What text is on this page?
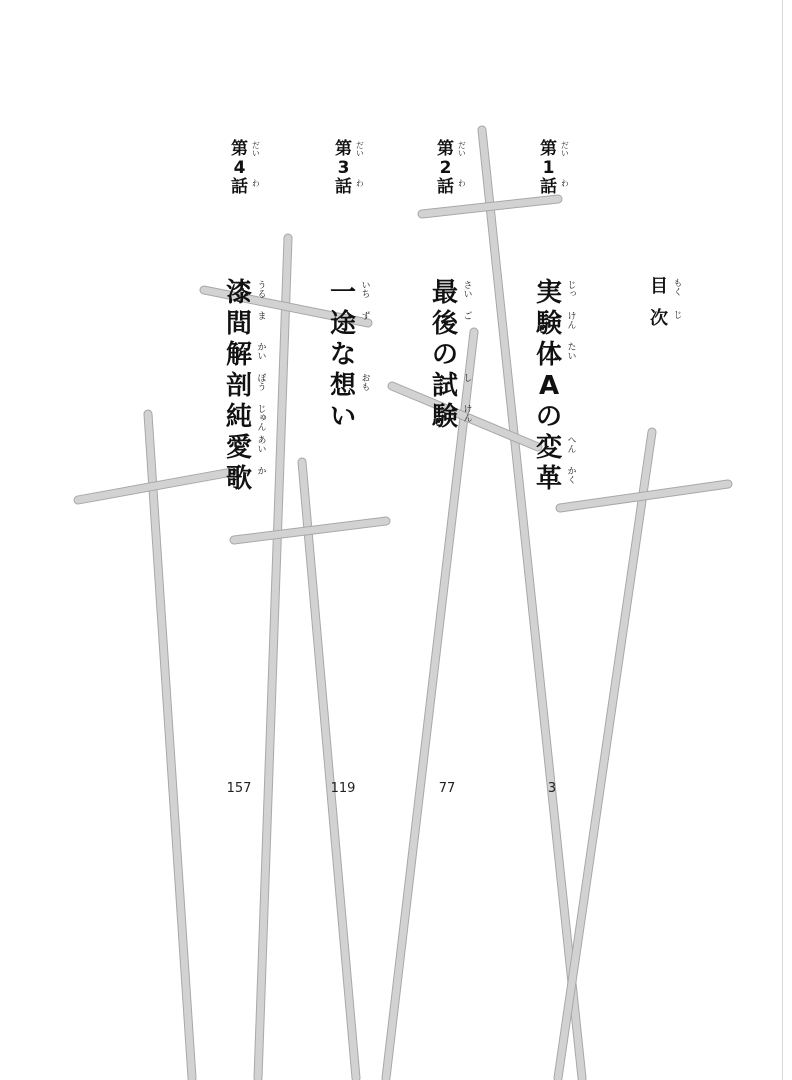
目 もく
次 じ
第 だい
1
話 わ
実 じっ
験 けん
体 たい
A
の
変 へん
革 かく
3
第 だい
2
話 わ
最 さい
後 ご
の
試 し
験 けん
77
第 だい
3
話 わ
一 いち
途 ず
な
想 おも
い
119
第 だい
4
話 わ
漆 うる
間 ま
解 かい
剖 ぼう
純 じゅん
愛 あい
歌 か
157
